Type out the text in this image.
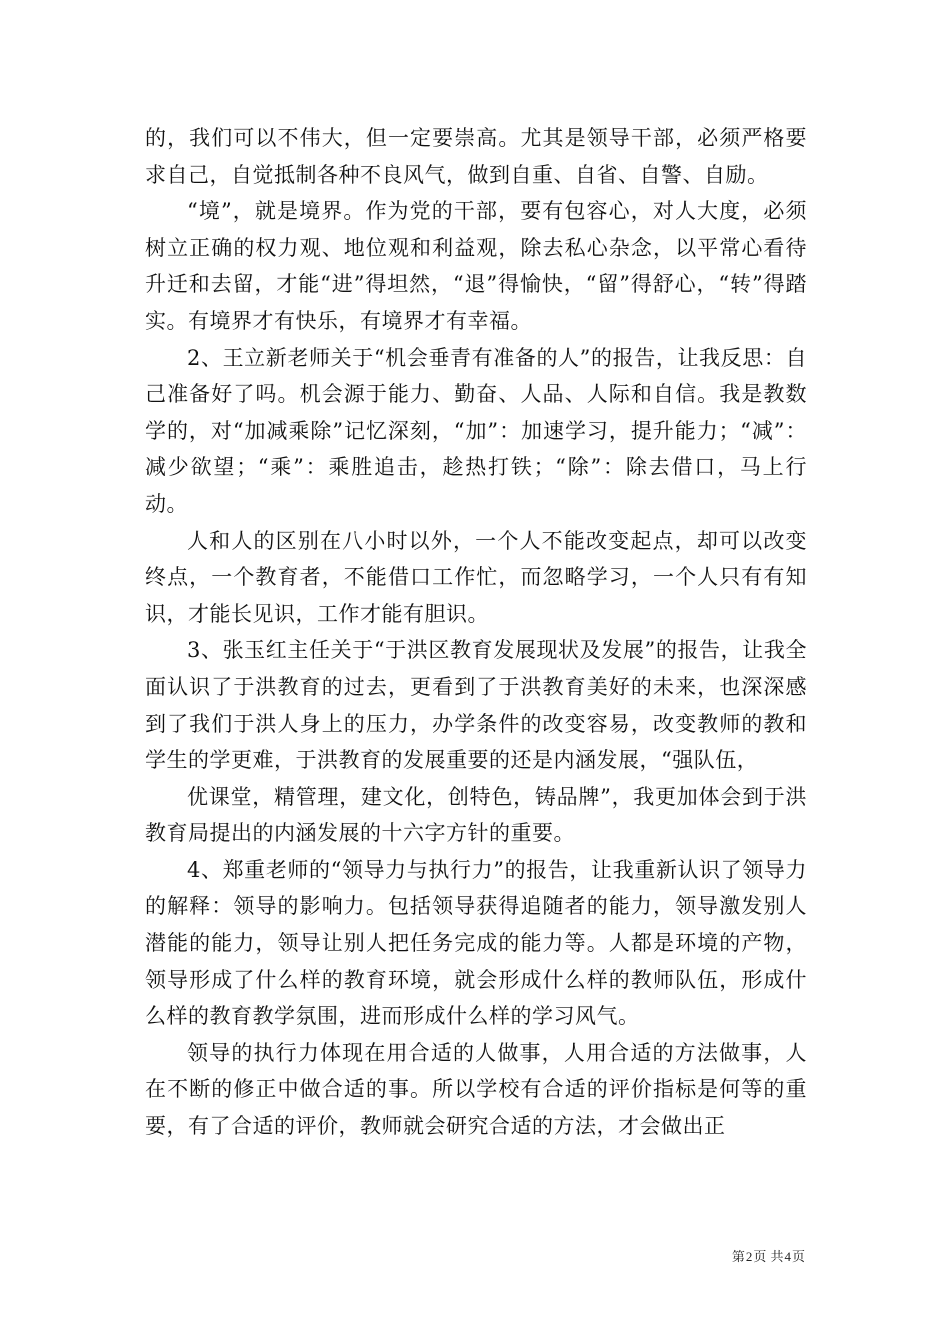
的，我们可以不伟大，但一定要崇高。尤其是领导干部，必须严格要求自己，自觉抵制各种不良风气，做到自重、自省、自警、自励。

“境”，就是境界。作为党的干部，要有包容心，对人大度，必须树立正确的权力观、地位观和利益观，除去私心杂念，以平常心看待升迁和去留，才能“进”得坦然，“退”得愉快，“留”得舒心，“转”得踏实。有境界才有快乐，有境界才有幸福。

2、王立新老师关于“机会垂青有准备的人”的报告，让我反思：自己准备好了吗。机会源于能力、勤奋、人品、人际和自信。我是教数学的，对“加减乘除”记忆深刻，“加”：加速学习，提升能力；“减”：减少欲望；“乘”：乘胜追击，趁热打铁；“除”：除去借口，马上行动。

人和人的区别在八小时以外，一个人不能改变起点，却可以改变终点，一个教育者，不能借口工作忙，而忽略学习，一个人只有有知识，才能长见识，工作才能有胆识。

3、张玉红主任关于“于洪区教育发展现状及发展”的报告，让我全面认识了于洪教育的过去，更看到了于洪教育美好的未来，也深深感到了我们于洪人身上的压力，办学条件的改变容易，改变教师的教和学生的学更难，于洪教育的发展重要的还是内涵发展，“强队伍，

优课堂，精管理，建文化，创特色，铸品牌”，我更加体会到于洪教育局提出的内涵发展的十六字方针的重要。

4、郑重老师的“领导力与执行力”的报告，让我重新认识了领导力的解释：领导的影响力。包括领导获得追随者的能力，领导激发别人潜能的能力，领导让别人把任务完成的能力等。人都是环境的产物，领导形成了什么样的教育环境，就会形成什么样的教师队伍，形成什么样的教育教学氛围，进而形成什么样的学习风气。

领导的执行力体现在用合适的人做事，人用合适的方法做事，人在不断的修正中做合适的事。所以学校有合适的评价指标是何等的重要，有了合适的评价，教师就会研究合适的方法，才会做出正

第2页 共4页
